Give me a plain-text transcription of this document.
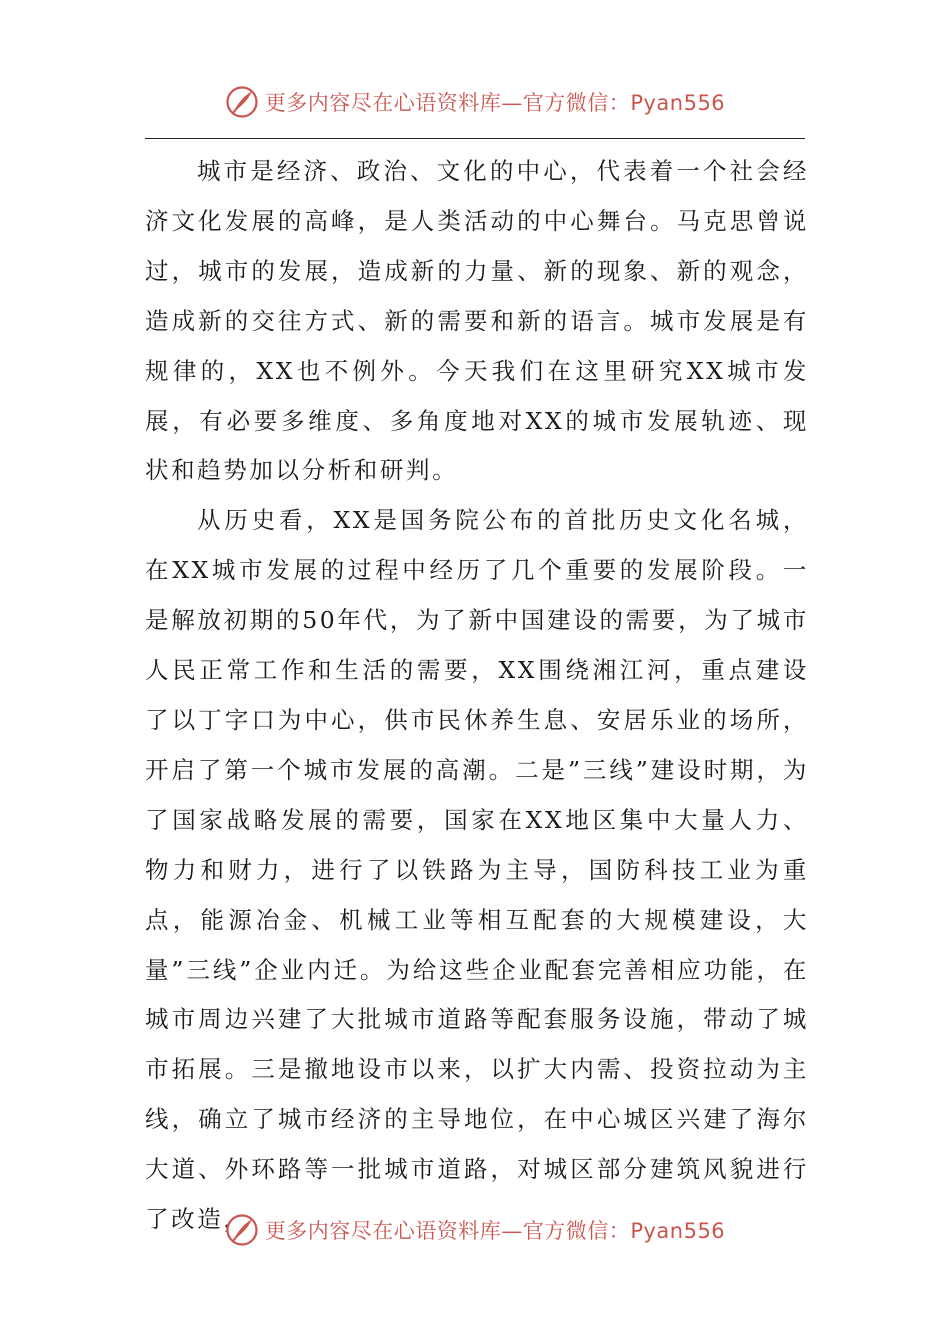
更多内容尽在心语资料库—官方微信：Pyan556

城市是经济、政治、文化的中心，代表着一个社会经济文化发展的高峰，是人类活动的中心舞台。马克思曾说过，城市的发展，造成新的力量、新的现象、新的观念，造成新的交往方式、新的需要和新的语言。城市发展是有规律的，XX也不例外。今天我们在这里研究XX城市发展，有必要多维度、多角度地对XX的城市发展轨迹、现状和趋势加以分析和研判。

从历史看，XX是国务院公布的首批历史文化名城，在XX城市发展的过程中经历了几个重要的发展阶段。一是解放初期的50年代，为了新中国建设的需要，为了城市人民正常工作和生活的需要，XX围绕湘江河，重点建设了以丁字口为中心，供市民休养生息、安居乐业的场所，开启了第一个城市发展的高潮。二是”三线”建设时期，为了国家战略发展的需要，国家在XX地区集中大量人力、物力和财力，进行了以铁路为主导，国防科技工业为重点，能源冶金、机械工业等相互配套的大规模建设，大量”三线”企业内迁。为给这些企业配套完善相应功能，在城市周边兴建了大批城市道路等配套服务设施，带动了城市拓展。三是撤地设市以来，以扩大内需、投资拉动为主线，确立了城市经济的主导地位，在中心城区兴建了海尔大道、外环路等一批城市道路，对城区部分建筑风貌进行了改造， 更多内容尽在心语资料库—官方微信：Pyan556
